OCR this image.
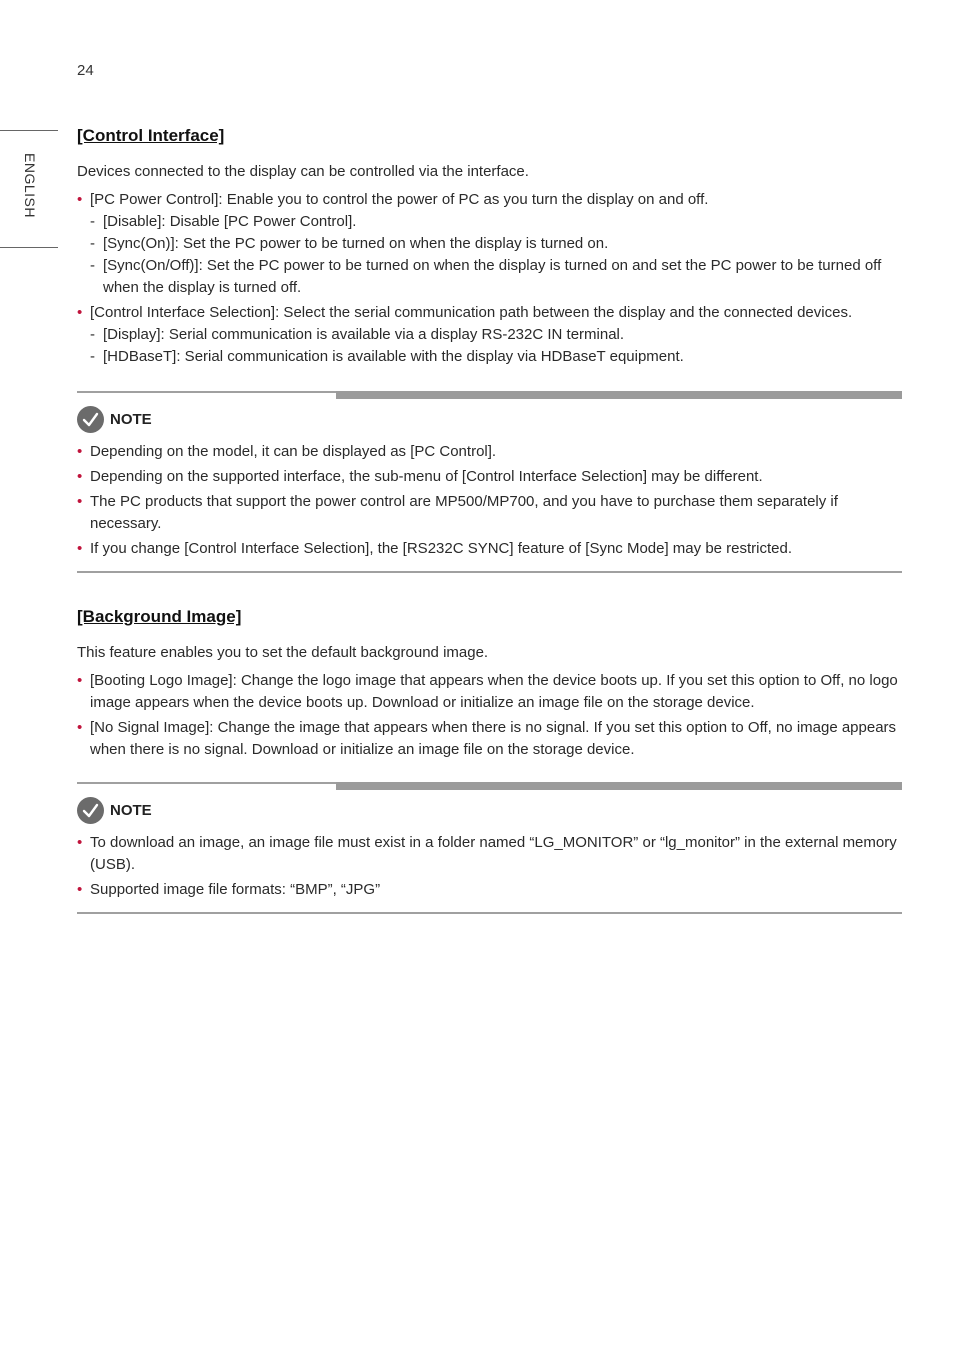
24
ENGLISH
[Control Interface]

Devices connected to the display can be controlled via the interface.

• [PC Power Control]: Enable you to control the power of PC as you turn the display on and off.
- [Disable]: Disable [PC Power Control].
- [Sync(On)]: Set the PC power to be turned on when the display is turned on.
- [Sync(On/Off)]: Set the PC power to be turned on when the display is turned on and set the PC power to be turned off when the display is turned off.
• [Control Interface Selection]: Select the serial communication path between the display and the connected devices.
- [Display]: Serial communication is available via a display RS-232C IN terminal.
- [HDBaseT]: Serial communication is available with the display via HDBaseT equipment.
NOTE
• Depending on the model, it can be displayed as [PC Control].
• Depending on the supported interface, the sub-menu of [Control Interface Selection] may be different.
• The PC products that support the power control are MP500/MP700, and you have to purchase them separately if necessary.
• If you change [Control Interface Selection], the [RS232C SYNC] feature of [Sync Mode] may be restricted.
[Background Image]

This feature enables you to set the default background image.

• [Booting Logo Image]: Change the logo image that appears when the device boots up. If you set this option to Off, no logo image appears when the device boots up. Download or initialize an image file on the storage device.
• [No Signal Image]: Change the image that appears when there is no signal. If you set this option to Off, no image appears when there is no signal. Download or initialize an image file on the storage device.
NOTE
• To download an image, an image file must exist in a folder named “LG_MONITOR” or “lg_monitor” in the external memory (USB).
• Supported image file formats: “BMP”, “JPG”
